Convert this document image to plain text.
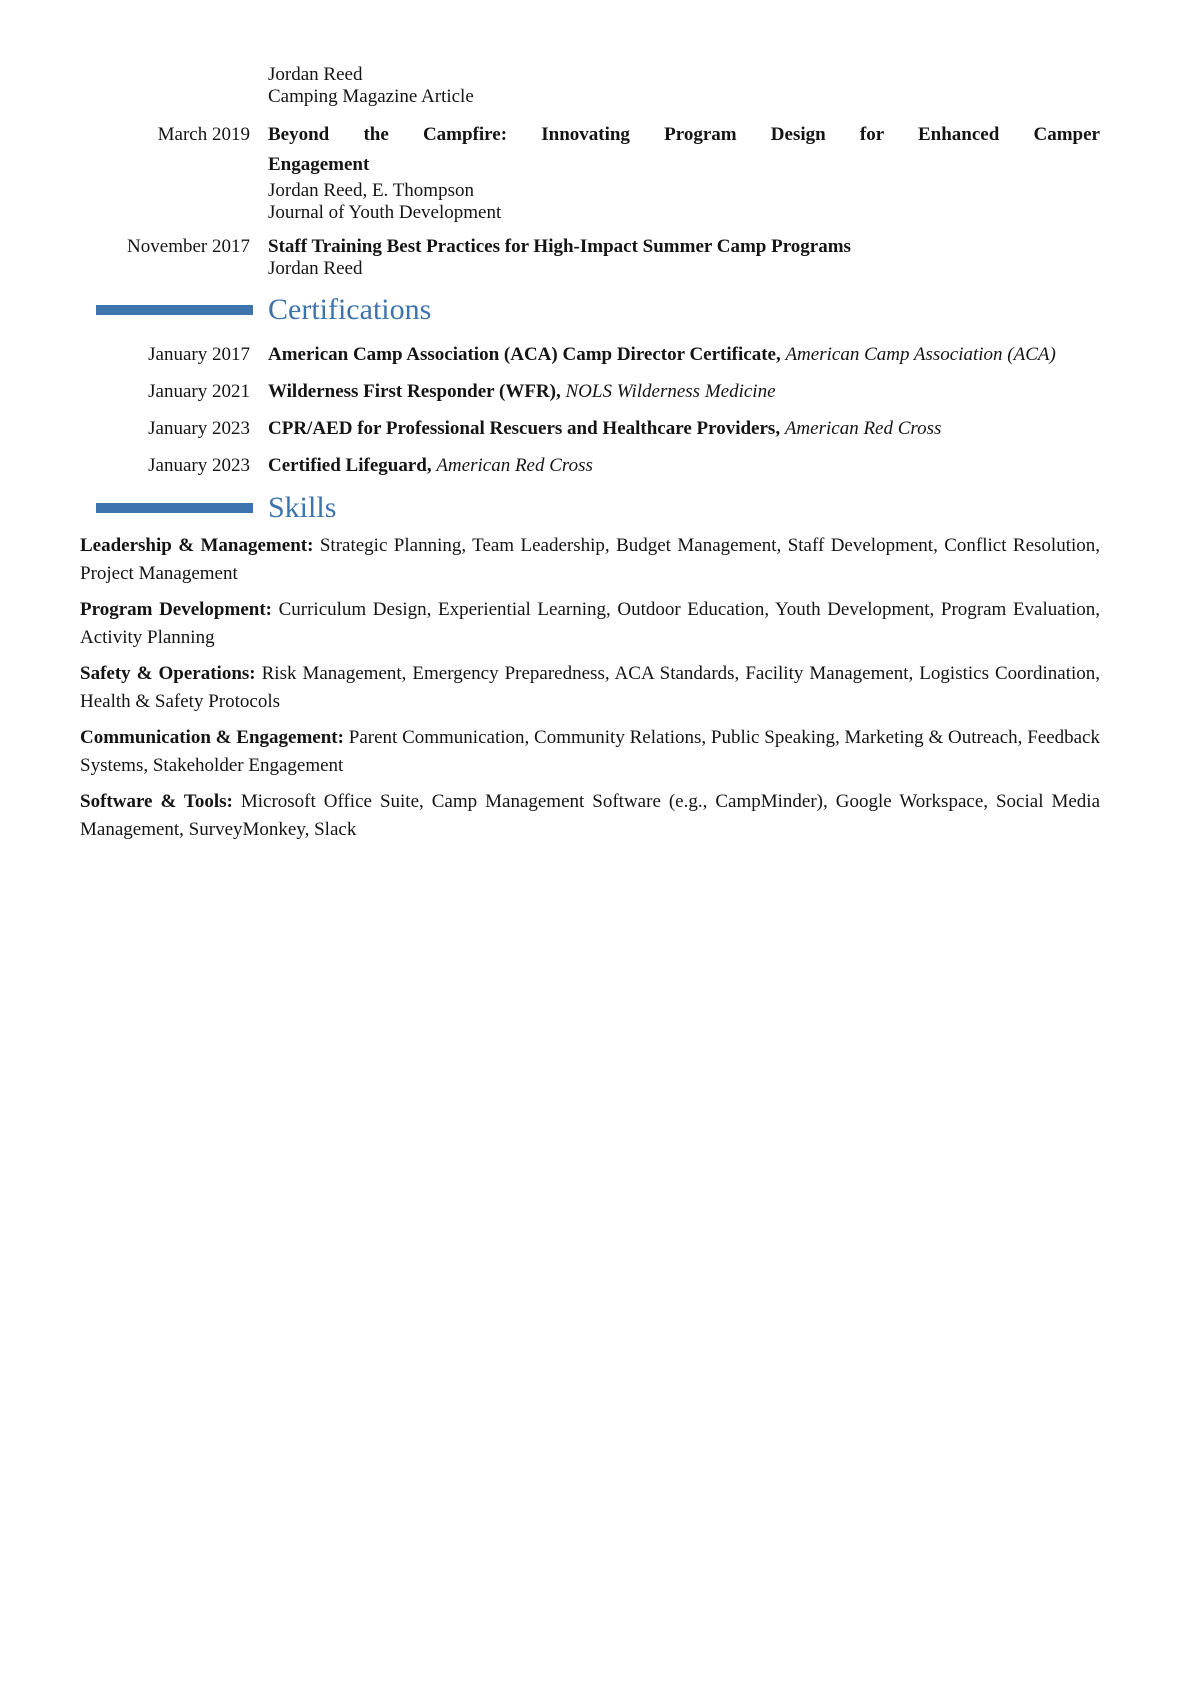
Jordan Reed
Camping Magazine Article
March 2019 Beyond the Campfire: Innovating Program Design for Enhanced Camper
Engagement
Jordan Reed, E. Thompson
Journal of Youth Development
November 2017 Staff Training Best Practices for High-Impact Summer Camp Programs
Jordan Reed
Certifications
January 2017 American Camp Association (ACA) Camp Director Certificate, American Camp Association (ACA)
January 2021 Wilderness First Responder (WFR), NOLS Wilderness Medicine
January 2023 CPR/AED for Professional Rescuers and Healthcare Providers, American Red Cross
January 2023 Certified Lifeguard, American Red Cross
Skills

Leadership & Management: Strategic Planning, Team Leadership, Budget Management, Staff Development, Conflict Resolution, Project Management

Program Development: Curriculum Design, Experiential Learning, Outdoor Education, Youth Development, Program Evaluation, Activity Planning

Safety & Operations: Risk Management, Emergency Preparedness, ACA Standards, Facility Management, Logistics Coordination, Health & Safety Protocols

Communication & Engagement: Parent Communication, Community Relations, Public Speaking, Marketing & Outreach, Feedback Systems, Stakeholder Engagement

Software & Tools: Microsoft Office Suite, Camp Management Software (e.g., CampMinder), Google Workspace, Social Media Management, SurveyMonkey, Slack
